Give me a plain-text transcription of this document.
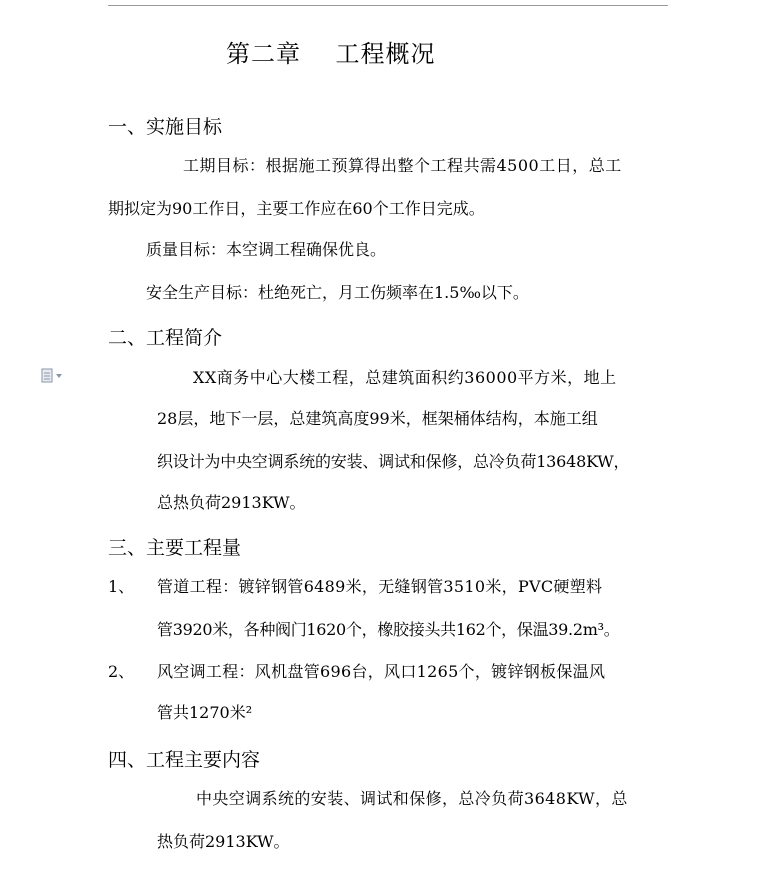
第二章    工程概况
一、实施目标
工期目标：根据施工预算得出整个工程共需4500工日，总工
期拟定为90工作日，主要工作应在60个工作日完成。
质量目标：本空调工程确保优良。
安全生产目标：杜绝死亡，月工伤频率在1.5‰以下。
二、工程简介
XX商务中心大楼工程，总建筑面积约36000平方米，地上
28层，地下一层，总建筑高度99米，框架桶体结构，本施工组
织设计为中央空调系统的安装、调试和保修，总冷负荷13648KW，
总热负荷2913KW。
三、主要工程量
1、 管道工程：镀锌钢管6489米，无缝钢管3510米，PVC硬塑料
管3920米，各种阀门1620个，橡胶接头共162个，保温39.2m³。
2、 风空调工程：风机盘管696台，风口1265个，镀锌钢板保温风
管共1270米²
四、工程主要内容
中央空调系统的安装、调试和保修，总冷负荷3648KW，总
热负荷2913KW。
